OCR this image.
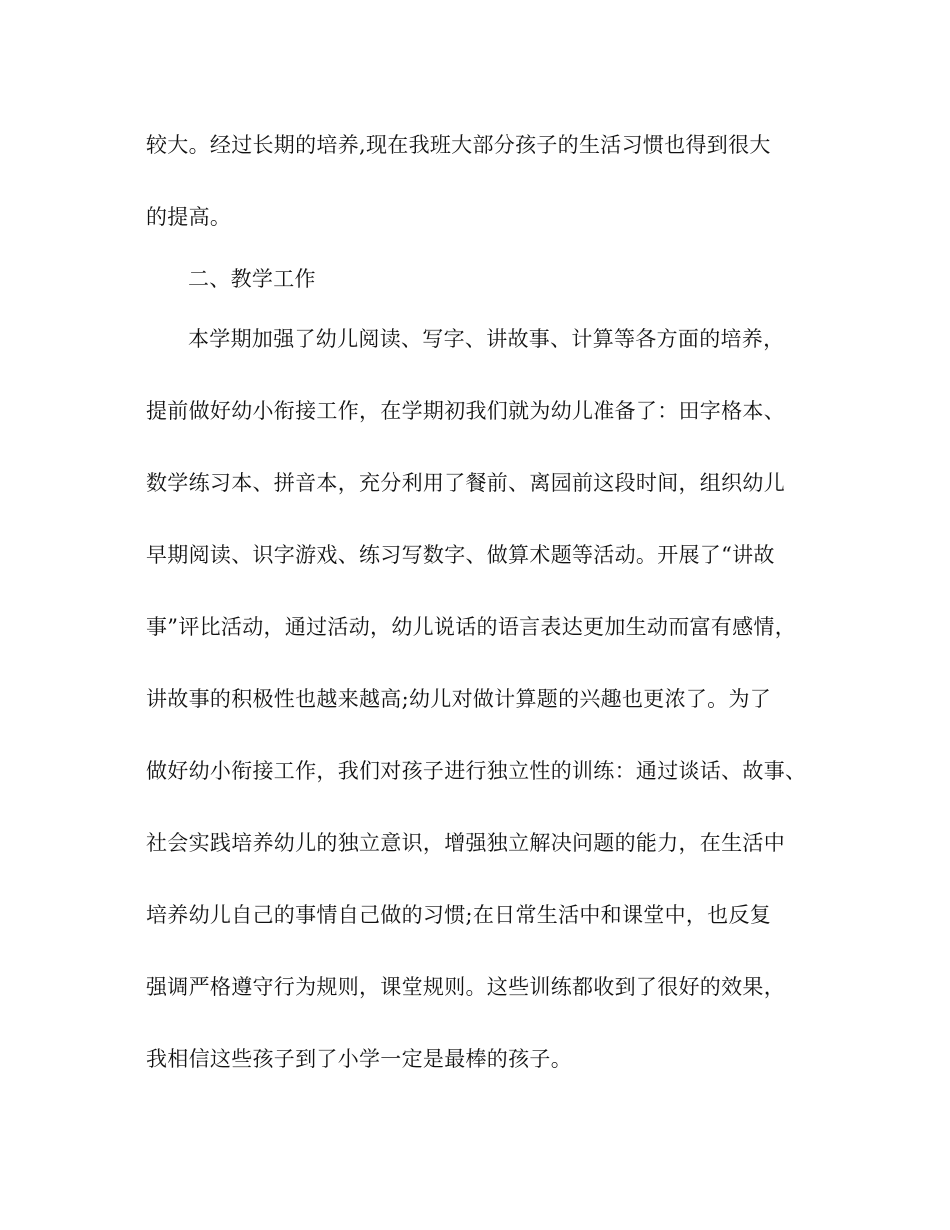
较大。经过长期的培养,现在我班大部分孩子的生活习惯也得到很大
的提高。
二、教学工作
本学期加强了幼儿阅读、写字、讲故事、计算等各方面的培养，
提前做好幼小衔接工作，在学期初我们就为幼儿准备了：田字格本、
数学练习本、拼音本，充分利用了餐前、离园前这段时间，组织幼儿
早期阅读、识字游戏、练习写数字、做算术题等活动。开展了“讲故
事”评比活动，通过活动，幼儿说话的语言表达更加生动而富有感情，
讲故事的积极性也越来越高;幼儿对做计算题的兴趣也更浓了。为了
做好幼小衔接工作，我们对孩子进行独立性的训练：通过谈话、故事、
社会实践培养幼儿的独立意识，增强独立解决问题的能力，在生活中
培养幼儿自己的事情自己做的习惯;在日常生活中和课堂中，也反复
强调严格遵守行为规则，课堂规则。这些训练都收到了很好的效果，
我相信这些孩子到了小学一定是最棒的孩子。
